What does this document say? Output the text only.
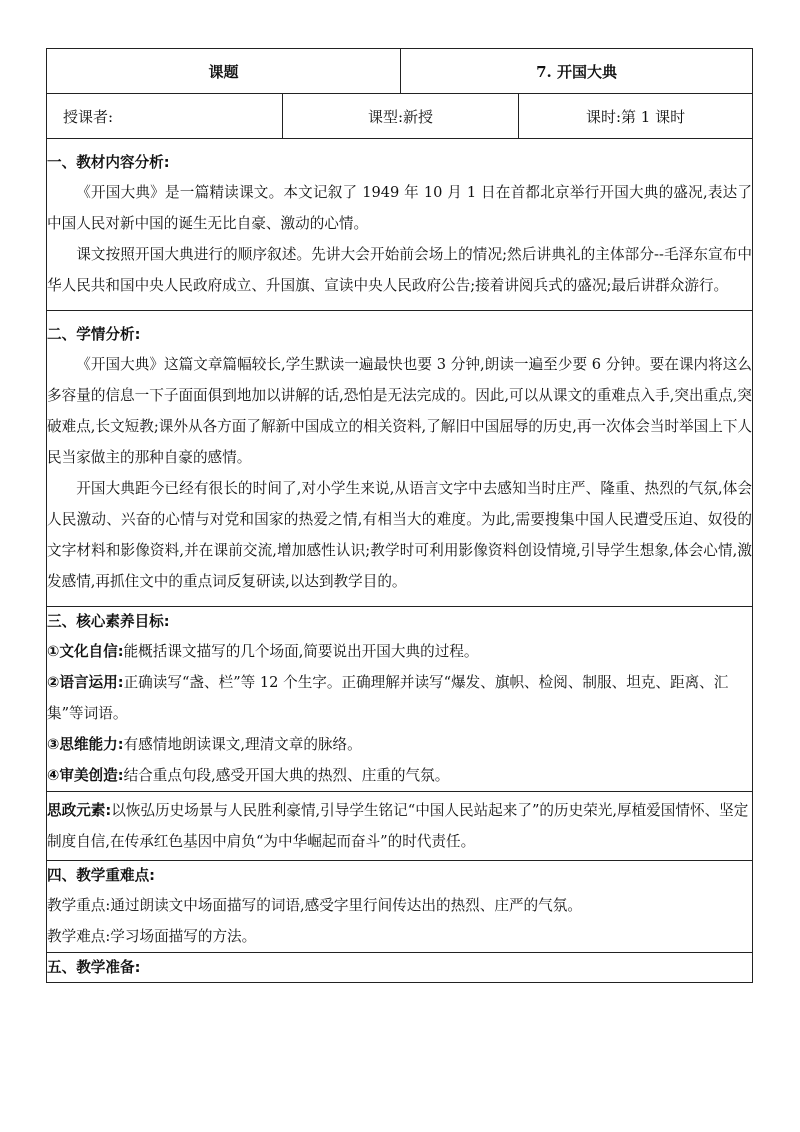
课题		7. 开国大典	
授课者:	课型:新授		课时:第 1 课时

一、教材内容分析:

《开国大典》是一篇精读课文。本文记叙了 1949 年 10 月 1 日在首都北京举行开国大典的盛况,表达了中国人民对新中国的诞生无比自豪、激动的心情。

课文按照开国大典进行的顺序叙述。先讲大会开始前会场上的情况;然后讲典礼的主体部分--毛泽东宣布中华人民共和国中央人民政府成立、升国旗、宣读中央人民政府公告;接着讲阅兵式的盛况;最后讲群众游行。			

二、学情分析:

《开国大典》这篇文章篇幅较长,学生默读一遍最快也要 3 分钟,朗读一遍至少要 6 分钟。要在课内将这么多容量的信息一下子面面俱到地加以讲解的话,恐怕是无法完成的。因此,可以从课文的重难点入手,突出重点,突破难点,长文短教;课外从各方面了解新中国成立的相关资料,了解旧中国屈辱的历史,再一次体会当时举国上下人民当家做主的那种自豪的感情。

开国大典距今已经有很长的时间了,对小学生来说,从语言文字中去感知当时庄严、隆重、热烈的气氛,体会人民激动、兴奋的心情与对党和国家的热爱之情,有相当大的难度。为此,需要搜集中国人民遭受压迫、奴役的文字材料和影像资料,并在课前交流,增加感性认识;教学时可利用影像资料创设情境,引导学生想象,体会心情,激发感情,再抓住文中的重点词反复研读,以达到教学目的。			

三、核心素养目标:

①文化自信:能概括课文描写的几个场面,简要说出开国大典的过程。

②语言运用:正确读写“盏、栏”等 12 个生字。正确理解并读写“爆发、旗帜、检阅、制服、坦克、距离、汇集”等词语。

③思维能力:有感情地朗读课文,理清文章的脉络。

④审美创造:结合重点句段,感受开国大典的热烈、庄重的气氛。			

思政元素:以恢弘历史场景与人民胜利豪情,引导学生铭记“中国人民站起来了”的历史荣光,厚植爱国情怀、坚定制度自信,在传承红色基因中肩负“为中华崛起而奋斗”的时代责任。			

四、教学重难点:

教学重点:通过朗读文中场面描写的词语,感受字里行间传达出的热烈、庄严的气氛。

教学难点:学习场面描写的方法。			

五、教学准备:			
